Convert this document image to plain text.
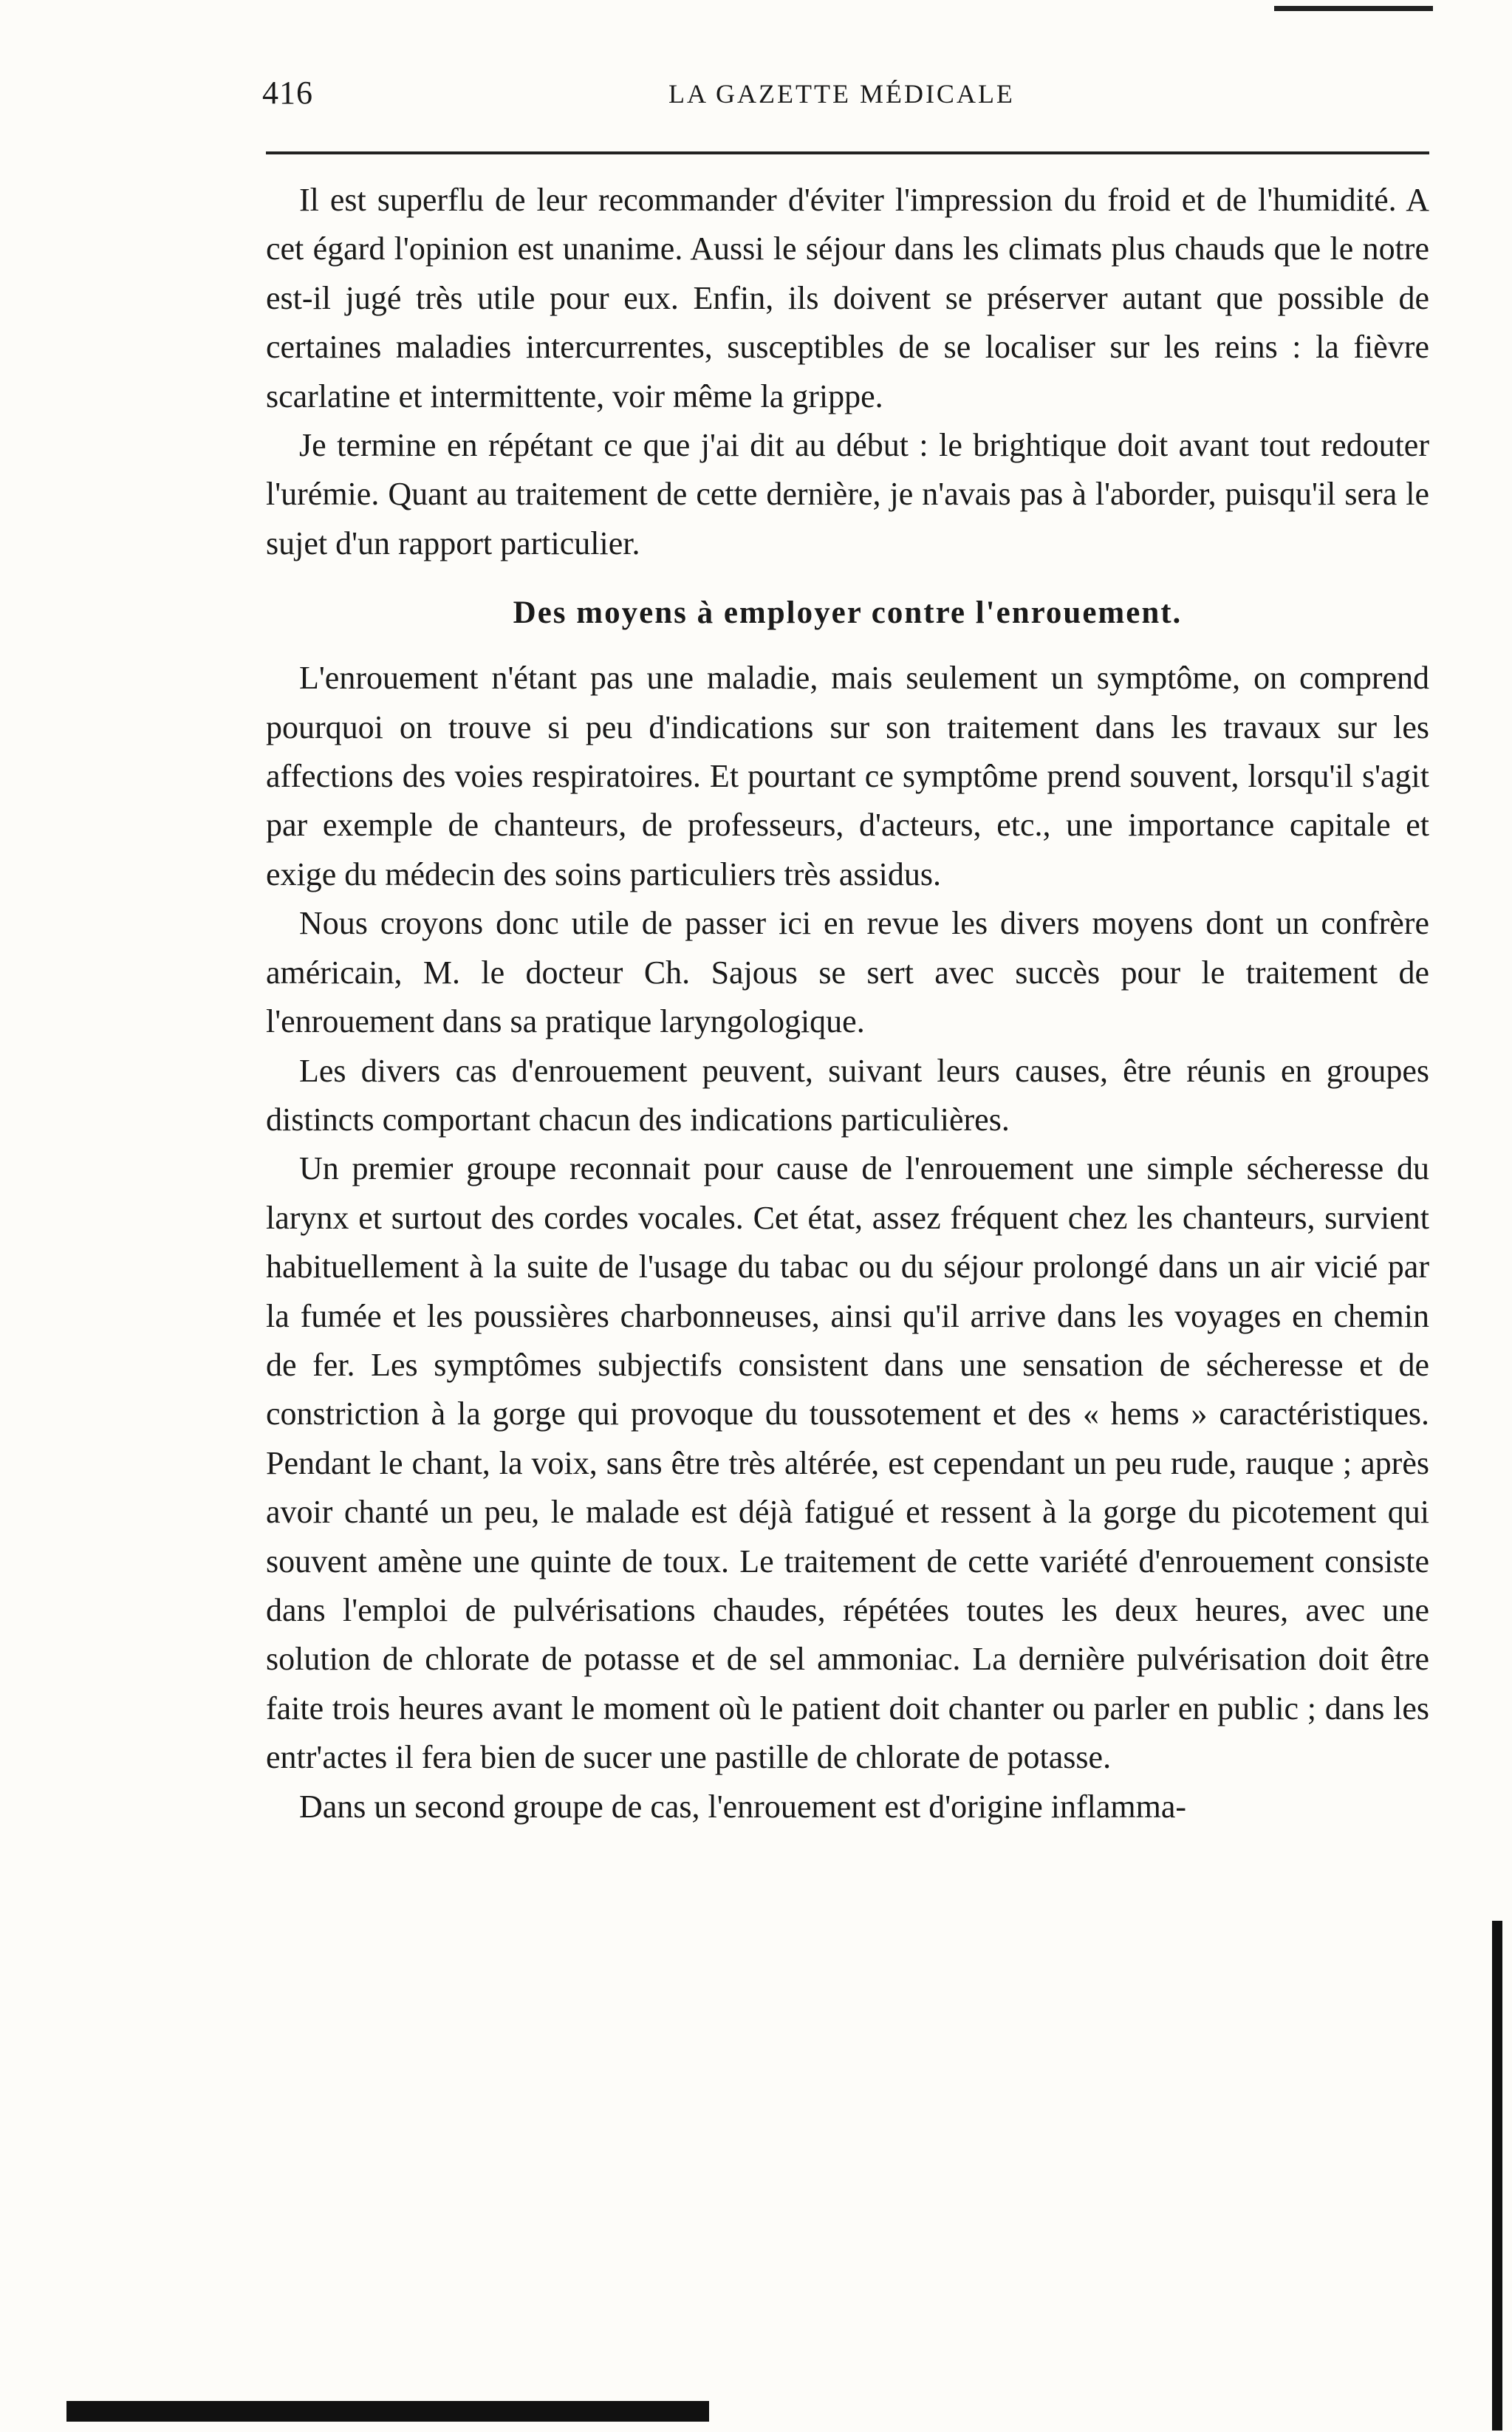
416	LA GAZETTE MÉDICALE

Il est superflu de leur recommander d'éviter l'impression du froid et de l'humidité. A cet égard l'opinion est unanime. Aussi le séjour dans les climats plus chauds que le notre est-il jugé très utile pour eux. Enfin, ils doivent se préserver autant que possible de certaines maladies intercurrentes, susceptibles de se localiser sur les reins : la fièvre scarlatine et intermittente, voir même la grippe.

Je termine en répétant ce que j'ai dit au début : le brightique doit avant tout redouter l'urémie. Quant au traitement de cette dernière, je n'avais pas à l'aborder, puisqu'il sera le sujet d'un rapport particulier.

Des moyens à employer contre l'enrouement.

L'enrouement n'étant pas une maladie, mais seulement un symptôme, on comprend pourquoi on trouve si peu d'indications sur son traitement dans les travaux sur les affections des voies respiratoires. Et pourtant ce symptôme prend souvent, lorsqu'il s'agit par exemple de chanteurs, de professeurs, d'acteurs, etc., une importance capitale et exige du médecin des soins particuliers très assidus.

Nous croyons donc utile de passer ici en revue les divers moyens dont un confrère américain, M. le docteur Ch. Sajous se sert avec succès pour le traitement de l'enrouement dans sa pratique laryngologique.

Les divers cas d'enrouement peuvent, suivant leurs causes, être réunis en groupes distincts comportant chacun des indications particulières.

Un premier groupe reconnait pour cause de l'enrouement une simple sécheresse du larynx et surtout des cordes vocales. Cet état, assez fréquent chez les chanteurs, survient habituellement à la suite de l'usage du tabac ou du séjour prolongé dans un air vicié par la fumée et les poussières charbonneuses, ainsi qu'il arrive dans les voyages en chemin de fer. Les symptômes subjectifs consistent dans une sensation de sécheresse et de constriction à la gorge qui provoque du toussotement et des « hems » caractéristiques. Pendant le chant, la voix, sans être très altérée, est cependant un peu rude, rauque ; après avoir chanté un peu, le malade est déjà fatigué et ressent à la gorge du picotement qui souvent amène une quinte de toux. Le traitement de cette variété d'enrouement consiste dans l'emploi de pulvérisations chaudes, répétées toutes les deux heures, avec une solution de chlorate de potasse et de sel ammoniac. La dernière pulvérisation doit être faite trois heures avant le moment où le patient doit chanter ou parler en public ; dans les entr'actes il fera bien de sucer une pastille de chlorate de potasse.

Dans un second groupe de cas, l'enrouement est d'origine inflamma-
